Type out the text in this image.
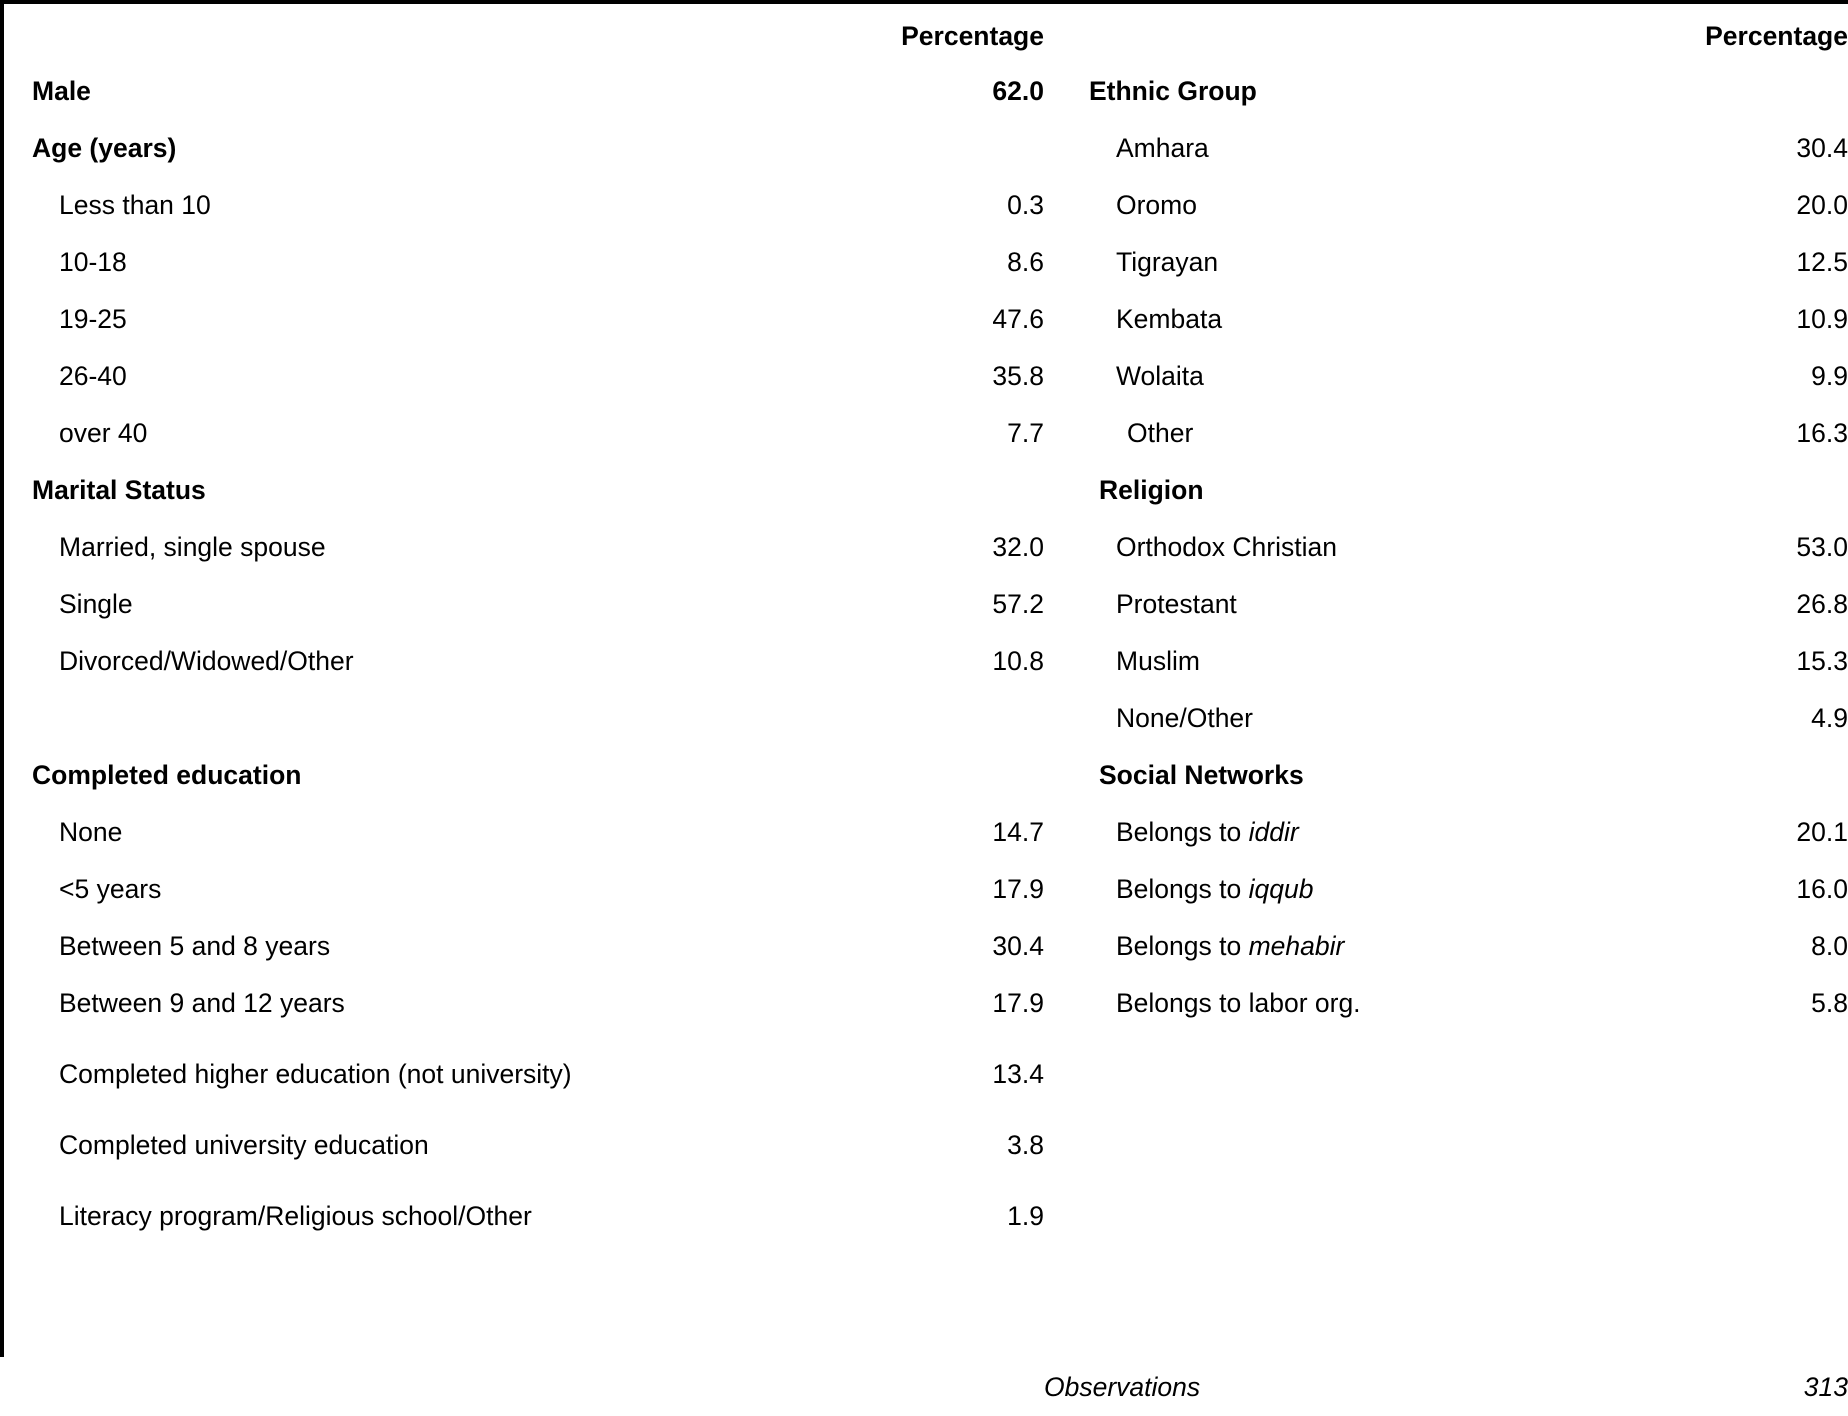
	Percentage		Percentage
Male	62.0	Ethnic Group	
Age (years)		Amhara	30.4
Less than 10	0.3	Oromo	20.0
10-18	8.6	Tigrayan	12.5
19-25	47.6	Kembata	10.9
26-40	35.8	Wolaita	9.9
over 40	7.7	Other	16.3
Marital Status		Religion	
Married, single spouse	32.0	Orthodox Christian	53.0
Single	57.2	Protestant	26.8
Divorced/Widowed/Other	10.8	Muslim	15.3
		None/Other	4.9
Completed education		Social Networks	
None	14.7	Belongs to iddir	20.1
<5 years	17.9	Belongs to iqqub	16.0
Between 5 and 8 years	30.4	Belongs to mehabir	8.0
Between 9 and 12 years	17.9	Belongs to labor org.	5.8
Completed higher education (not university)	13.4		
Completed university education	3.8		
Literacy program/Religious school/Other	1.9		

		Observations	313
